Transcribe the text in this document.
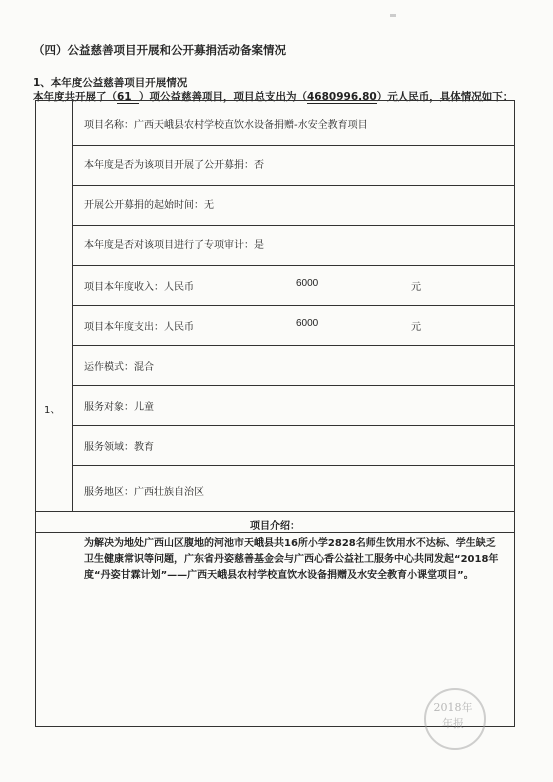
（四）公益慈善项目开展和公开募捐活动备案情况
1、本年度公益慈善项目开展情况
本年度共开展了（61 ）项公益慈善项目，项目总支出为（4680996.80）元人民币，具体情况如下：
1、
项目名称：广西天峨县农村学校直饮水设备捐赠-水安全教育项目
本年度是否为该项目开展了公开募捐：否
开展公开募捐的起始时间：无
本年度是否对该项目进行了专项审计：是
项目本年度收入：人民币	6000	元
项目本年度支出：人民币	6000	元
运作模式：混合
服务对象：儿童
服务领域：教育
服务地区：广西壮族自治区
项目介绍：
为解决为地处广西山区腹地的河池市天峨县共16所小学2828名师生饮用水不达标、学生缺乏卫生健康常识等问题，广东省丹姿慈善基金会与广西心香公益社工服务中心共同发起“2018年度“丹姿甘霖计划”——广西天峨县农村学校直饮水设备捐赠及水安全教育小课堂项目”。
2018年
年报
